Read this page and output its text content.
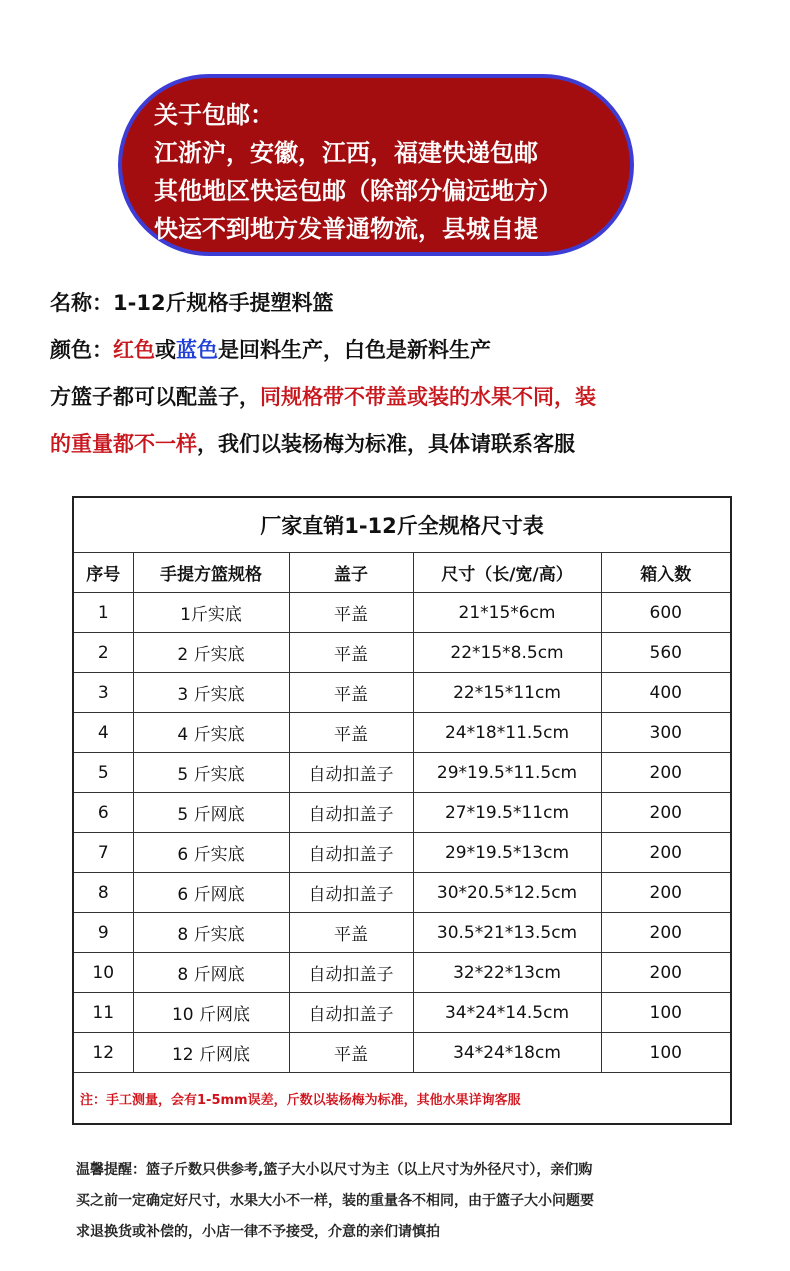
关于包邮：
江浙沪，安徽，江西，福建快递包邮
其他地区快运包邮（除部分偏远地方）
快运不到地方发普通物流，县城自提
名称：1-12斤规格手提塑料篮
颜色：红色或蓝色是回料生产，白色是新料生产
方篮子都可以配盖子，同规格带不带盖或装的水果不同，装
的重量都不一样，我们以装杨梅为标准，具体请联系客服
厂家直销1-12斤全规格尺寸表				
序号	手提方篮规格	盖子	尺寸（长/宽/高）	箱入数
1	1斤实底	平盖	21*15*6cm	600
2	2 斤实底	平盖	22*15*8.5cm	560
3	3 斤实底	平盖	22*15*11cm	400
4	4 斤实底	平盖	24*18*11.5cm	300
5	5 斤实底	自动扣盖子	29*19.5*11.5cm	200
6	5 斤网底	自动扣盖子	27*19.5*11cm	200
7	6 斤实底	自动扣盖子	29*19.5*13cm	200
8	6 斤网底	自动扣盖子	30*20.5*12.5cm	200
9	8 斤实底	平盖	30.5*21*13.5cm	200
10	8 斤网底	自动扣盖子	32*22*13cm	200
11	10 斤网底	自动扣盖子	34*24*14.5cm	100
12	12 斤网底	平盖	34*24*18cm	100
注：手工测量，会有1-5mm误差，斤数以装杨梅为标准，其他水果详询客服				
温馨提醒：篮子斤数只供参考,篮子大小以尺寸为主（以上尺寸为外径尺寸），亲们购
买之前一定确定好尺寸，水果大小不一样，装的重量各不相同，由于篮子大小问题要
求退换货或补偿的，小店一律不予接受，介意的亲们请慎拍
